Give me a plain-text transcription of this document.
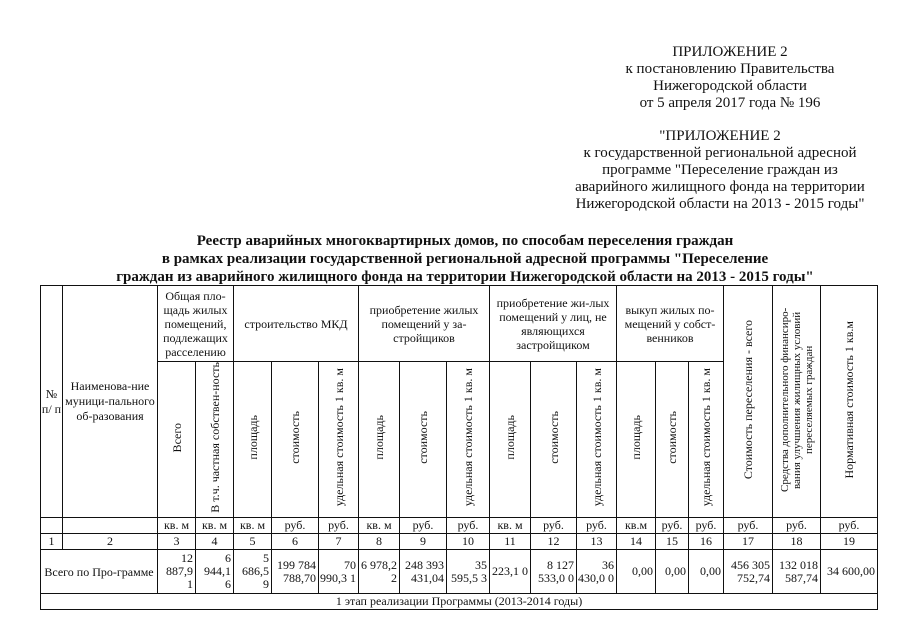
ПРИЛОЖЕНИЕ 2
к постановлению Правительства
Нижегородской области
от 5 апреля 2017 года № 196
"ПРИЛОЖЕНИЕ 2
к государственной региональной адресной
программе "Переселение граждан из
аварийного жилищного фонда на территории
Нижегородской области на 2013 - 2015 годы"
Реестр аварийных многоквартирных домов, по способам переселения граждан
в рамках реализации государственной региональной адресной программы "Переселение
граждан из аварийного жилищного фонда на территории Нижегородской области на 2013 - 2015 годы"
№ п/ п	Наименова-ние муници-пального об-разования	Общая пло-щадь жилых помещений, подлежащих расселению		строительство МКД			приобретение жилых помещений у за-стройщиков			приобретение жи-лых помещений у лиц, не являющихся застройщиком			выкуп жилых по-мещений у собст-венников			Стоимость переселения - всего	Средства дополнительного финансиро-вания улучшения жилищных условий переселяемых граждан	Нормативная стоимость 1 кв.м
		Всего	В т.ч. частная собствен-ность	площадь	стоимость	удельная стоимость 1 кв. м	площадь	стоимость	удельная стоимость 1 кв. м	площадь	стоимость	удельная стоимость 1 кв. м	площадь	стоимость	удельная стоимость 1 кв. м			
		кв. м	кв. м	кв. м	руб.	руб.	кв. м	руб.	руб.	кв. м	руб.	руб.	кв.м	руб.	руб.	руб.	руб.	руб.
1	2	3	4	5	6	7	8	9	10	11	12	13	14	15	16	17	18	19
Всего по Про-грамме		12 887,9 1	6 944,1 6	5 686,5 9	199 784 788,70	70 990,3 1	6 978,2 2	248 393 431,04	35 595,5 3	223,1 0	8 127 533,0 0	36 430,0 0	0,00	0,00	0,00	456 305 752,74	132 018 587,74	34 600,00
1 этап реализации Программы (2013-2014 годы)																		
